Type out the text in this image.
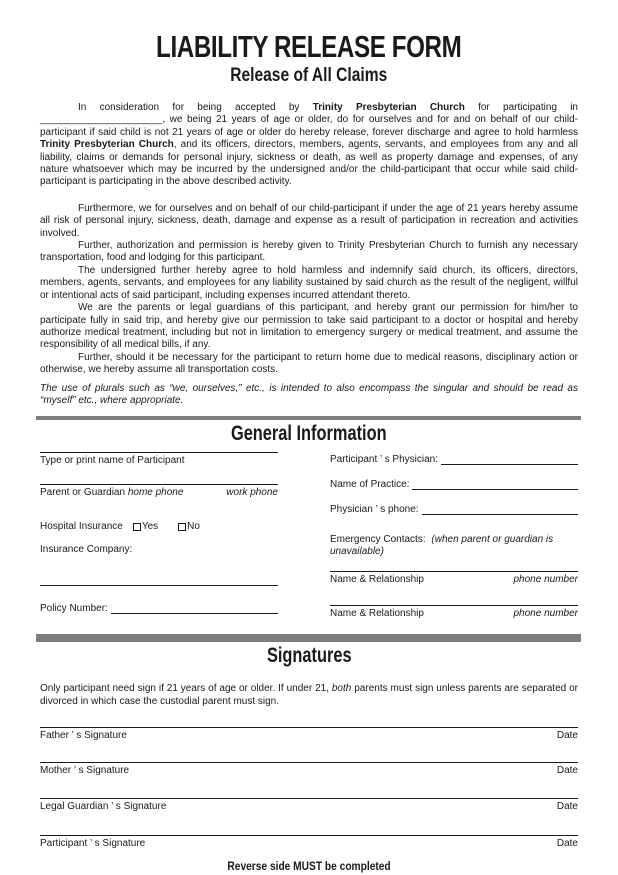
LIABILITY RELEASE FORM
Release of All Claims

In consideration for being accepted by Trinity Presbyterian Church for participating in ______________________, we being 21 years of age or older, do for ourselves and for and on behalf of our child-participant if said child is not 21 years of age or older do hereby release, forever discharge and agree to hold harmless Trinity Presbyterian Church, and its officers, directors, members, agents, servants, and employees from any and all liability, claims or demands for personal injury, sickness or death, as well as property damage and expenses, of any nature whatsoever which may be incurred by the undersigned and/or the child-participant that occur while said child-participant is participating in the above described activity.

Furthermore, we for ourselves and on behalf of our child-participant if under the age of 21 years hereby assume all risk of personal injury, sickness, death, damage and expense as a result of participation in recreation and activities involved.

Further, authorization and permission is hereby given to Trinity Presbyterian Church to furnish any necessary transportation, food and lodging for this participant.

The undersigned further hereby agree to hold harmless and indemnify said church, its officers, directors, members, agents, servants, and employees for any liability sustained by said church as the result of the negligent, willful or intentional acts of said participant, including expenses incurred attendant thereto.

We are the parents or legal guardians of this participant, and hereby grant our permission for him/her to participate fully in said trip, and hereby give our permission to take said participant to a doctor or hospital and hereby authorize medical treatment, including but not in limitation to emergency surgery or medical treatment, and assume the responsibility of all medical bills, if any.

Further, should it be necessary for the participant to return home due to medical reasons, disciplinary action or otherwise, we hereby assume all transportation costs.

The use of plurals such as “we, ourselves,” etc., is intended to also encompass the singular and should be read as “myself” etc., where appropriate.

General Information
Type or print name of Participant
Parent or Guardian home phone	work phone
Hospital Insurance Yes	No
Insurance Company:
Policy Number:
Participant ’ s Physician:
Name of Practice:
Physician ’ s phone:
Emergency Contacts: (when parent or guardian is unavailable)
Name & Relationship	phone number
Name & Relationship	phone number
Signatures

Only participant need sign if 21 years of age or older. If under 21, both parents must sign unless parents are separated or divorced in which case the custodial parent must sign.

Father ’ s Signature	Date
Mother ’ s Signature	Date
Legal Guardian ’ s Signature	Date
Participant ’ s Signature	Date
Reverse side MUST be completed
